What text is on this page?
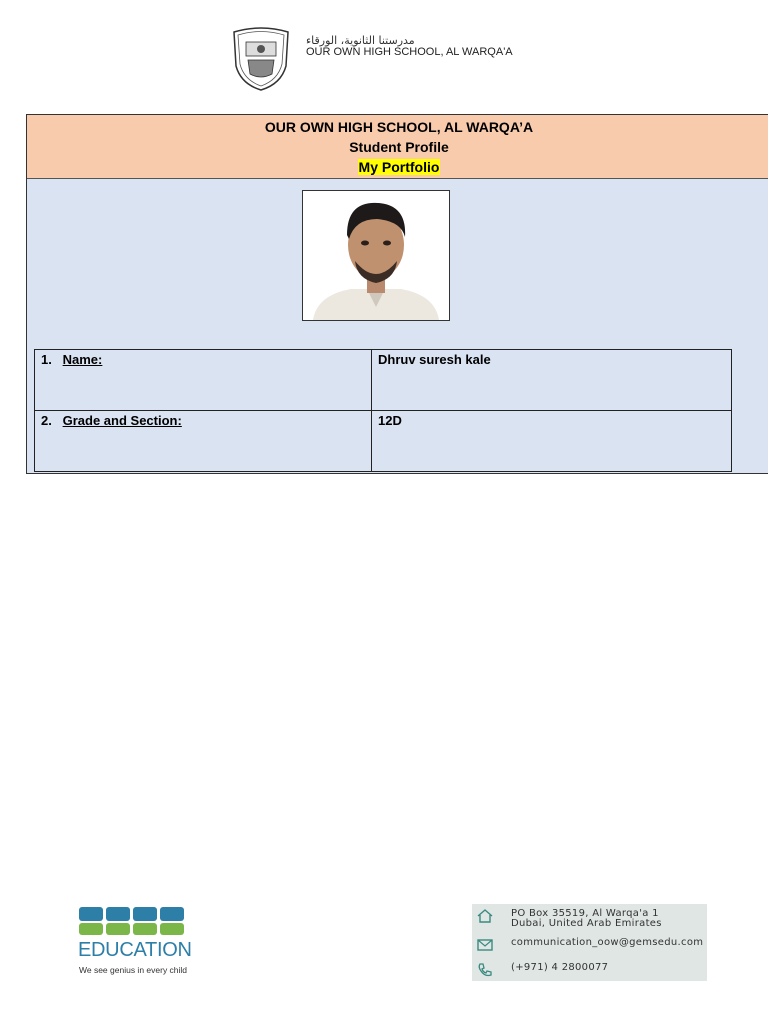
مدرستنا الثانوية، الورقاء
OUR OWN HIGH SCHOOL, AL WARQA'A
OUR OWN HIGH SCHOOL, AL WARQA’A
Student Profile
My Portfolio
1. Name:	Dhruv suresh kale
2. Grade and Section:	12D
EDUCATION
We see genius in every child
PO Box 35519, Al Warqa'a 1
Dubai, United Arab Emirates
communication_oow@gemsedu.com
(+971) 4 2800077
